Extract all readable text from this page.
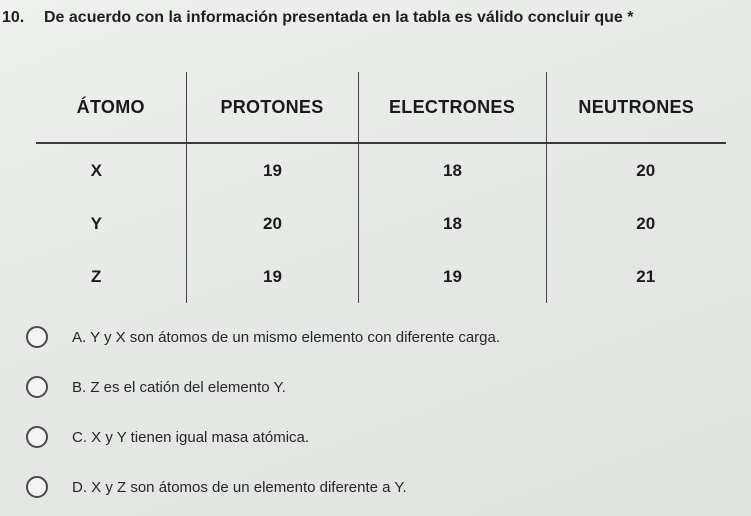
10. De acuerdo con la información presentada en la tabla es válido concluir que *
ÁTOMO	PROTONES	ELECTRONES	NEUTRONES
X	19	18	20
Y	20	18	20
Z	19	19	21
A. Y y X son átomos de un mismo elemento con diferente carga.
B. Z es el catión del elemento Y.
C. X y Y tienen igual masa atómica.
D. X y Z son átomos de un elemento diferente a Y.
